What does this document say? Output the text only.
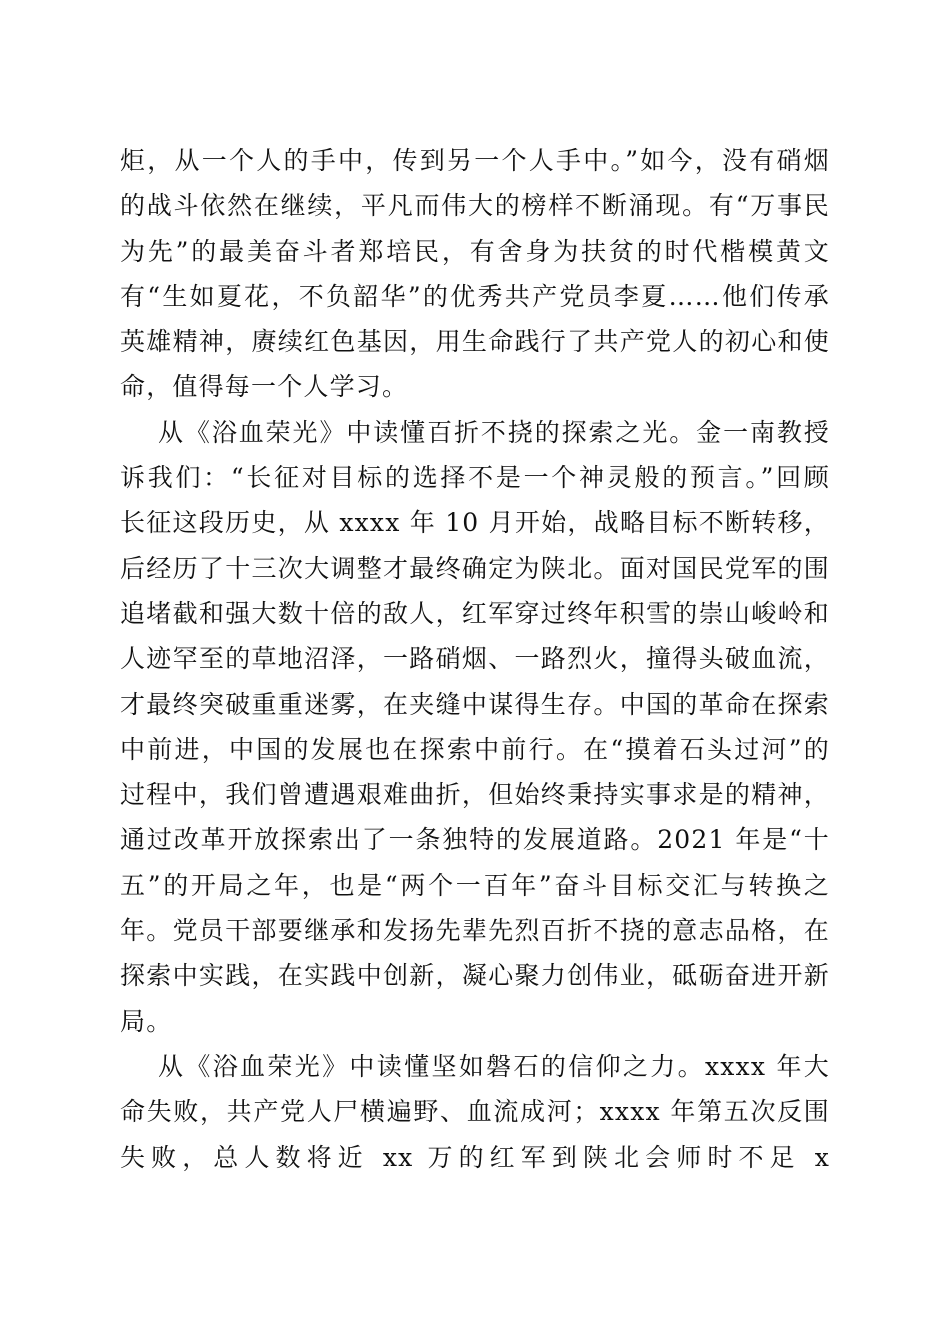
炬，从一个人的手中，传到另一个人手中。”如今，没有硝烟
的战斗依然在继续，平凡而伟大的榜样不断涌现。有“万事民
为先”的最美奋斗者郑培民，有舍身为扶贫的时代楷模黄文
有“生如夏花，不负韶华”的优秀共产党员李夏……他们传承
英雄精神，赓续红色基因，用生命践行了共产党人的初心和使
命，值得每一个人学习。
从《浴血荣光》中读懂百折不挠的探索之光。金一南教授
诉我们：“长征对目标的选择不是一个神灵般的预言。”回顾
长征这段历史，从 xxxx 年 10 月开始，战略目标不断转移，
后经历了十三次大调整才最终确定为陕北。面对国民党军的围
追堵截和强大数十倍的敌人，红军穿过终年积雪的崇山峻岭和
人迹罕至的草地沼泽，一路硝烟、一路烈火，撞得头破血流，
才最终突破重重迷雾，在夹缝中谋得生存。中国的革命在探索
中前进，中国的发展也在探索中前行。在“摸着石头过河”的
过程中，我们曾遭遇艰难曲折，但始终秉持实事求是的精神，
通过改革开放探索出了一条独特的发展道路。2021 年是“十
五”的开局之年，也是“两个一百年”奋斗目标交汇与转换之
年。党员干部要继承和发扬先辈先烈百折不挠的意志品格，在
探索中实践，在实践中创新，凝心聚力创伟业，砥砺奋进开新
局。
从《浴血荣光》中读懂坚如磐石的信仰之力。xxxx 年大
命失败，共产党人尸横遍野、血流成河；xxxx 年第五次反围
失败，总人数将近 xx 万的红军到陕北会师时不足 x
